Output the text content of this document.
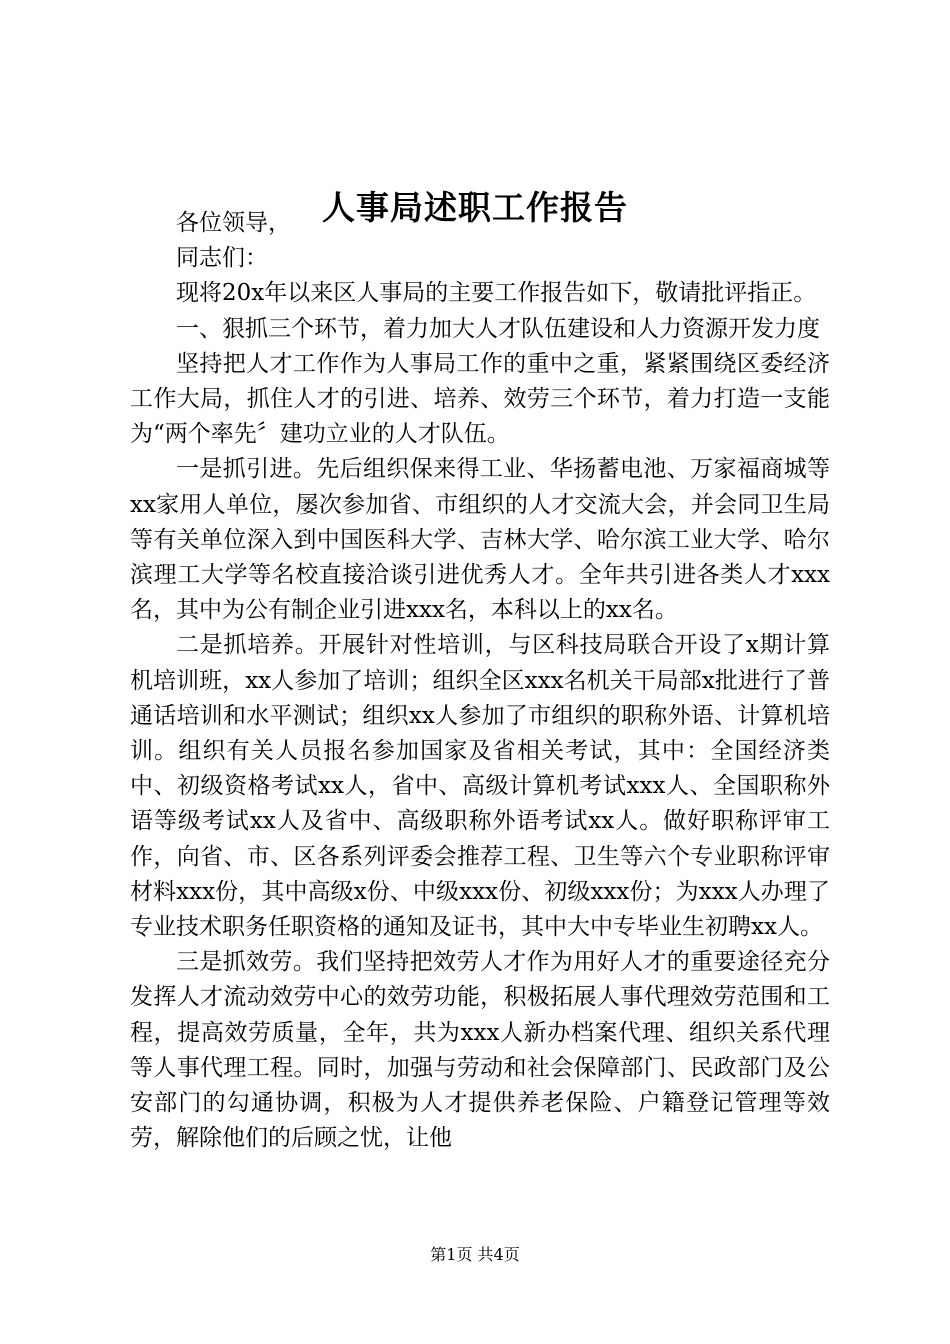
人事局述职工作报告

各位领导，

同志们：

现将20x年以来区人事局的主要工作报告如下，敬请批评指正。

一、狠抓三个环节，着力加大人才队伍建设和人力资源开发力度

坚持把人才工作作为人事局工作的重中之重，紧紧围绕区委经济工作大局，抓住人才的引进、培养、效劳三个环节，着力打造一支能为“两个率先〞建功立业的人才队伍。

一是抓引进。先后组织保来得工业、华扬蓄电池、万家福商城等xx家用人单位，屡次参加省、市组织的人才交流大会，并会同卫生局等有关单位深入到中国医科大学、吉林大学、哈尔滨工业大学、哈尔滨理工大学等名校直接洽谈引进优秀人才。全年共引进各类人才xxx名，其中为公有制企业引进xxx名，本科以上的xx名。

二是抓培养。开展针对性培训，与区科技局联合开设了x期计算机培训班，xx人参加了培训；组织全区xxx名机关干局部x批进行了普通话培训和水平测试；组织xx人参加了市组织的职称外语、计算机培训。组织有关人员报名参加国家及省相关考试，其中：全国经济类中、初级资格考试xx人，省中、高级计算机考试xxx人、全国职称外语等级考试xx人及省中、高级职称外语考试xx人。做好职称评审工作，向省、市、区各系列评委会推荐工程、卫生等六个专业职称评审材料xxx份，其中高级x份、中级xxx份、初级xxx份；为xxx人办理了专业技术职务任职资格的通知及证书，其中大中专毕业生初聘xx人。

三是抓效劳。我们坚持把效劳人才作为用好人才的重要途径充分发挥人才流动效劳中心的效劳功能，积极拓展人事代理效劳范围和工程，提高效劳质量，全年，共为xxx人新办档案代理、组织关系代理等人事代理工程。同时，加强与劳动和社会保障部门、民政部门及公安部门的勾通协调，积极为人才提供养老保险、户籍登记管理等效劳，解除他们的后顾之忧，让他

第1页 共4页
